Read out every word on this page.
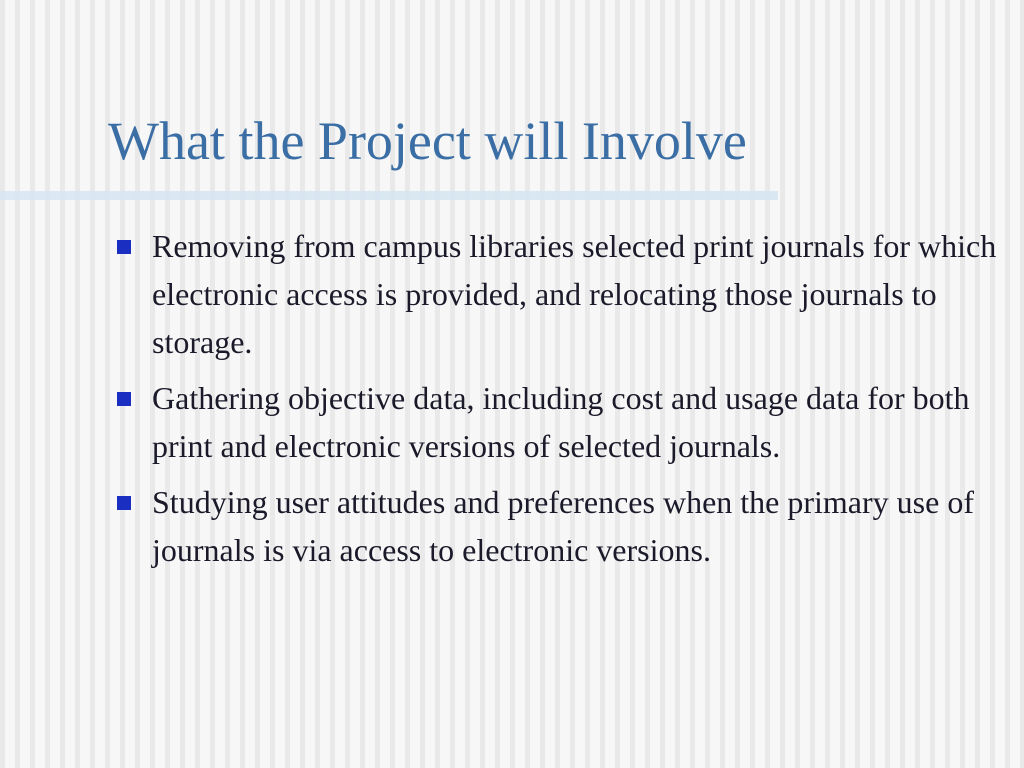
What the Project will Involve
Removing from campus libraries selected print journals for which electronic access is provided, and relocating those journals to storage.
Gathering objective data, including cost and usage data for both print and electronic versions of selected journals.
Studying user attitudes and preferences when the primary use of journals is via access to electronic versions.
